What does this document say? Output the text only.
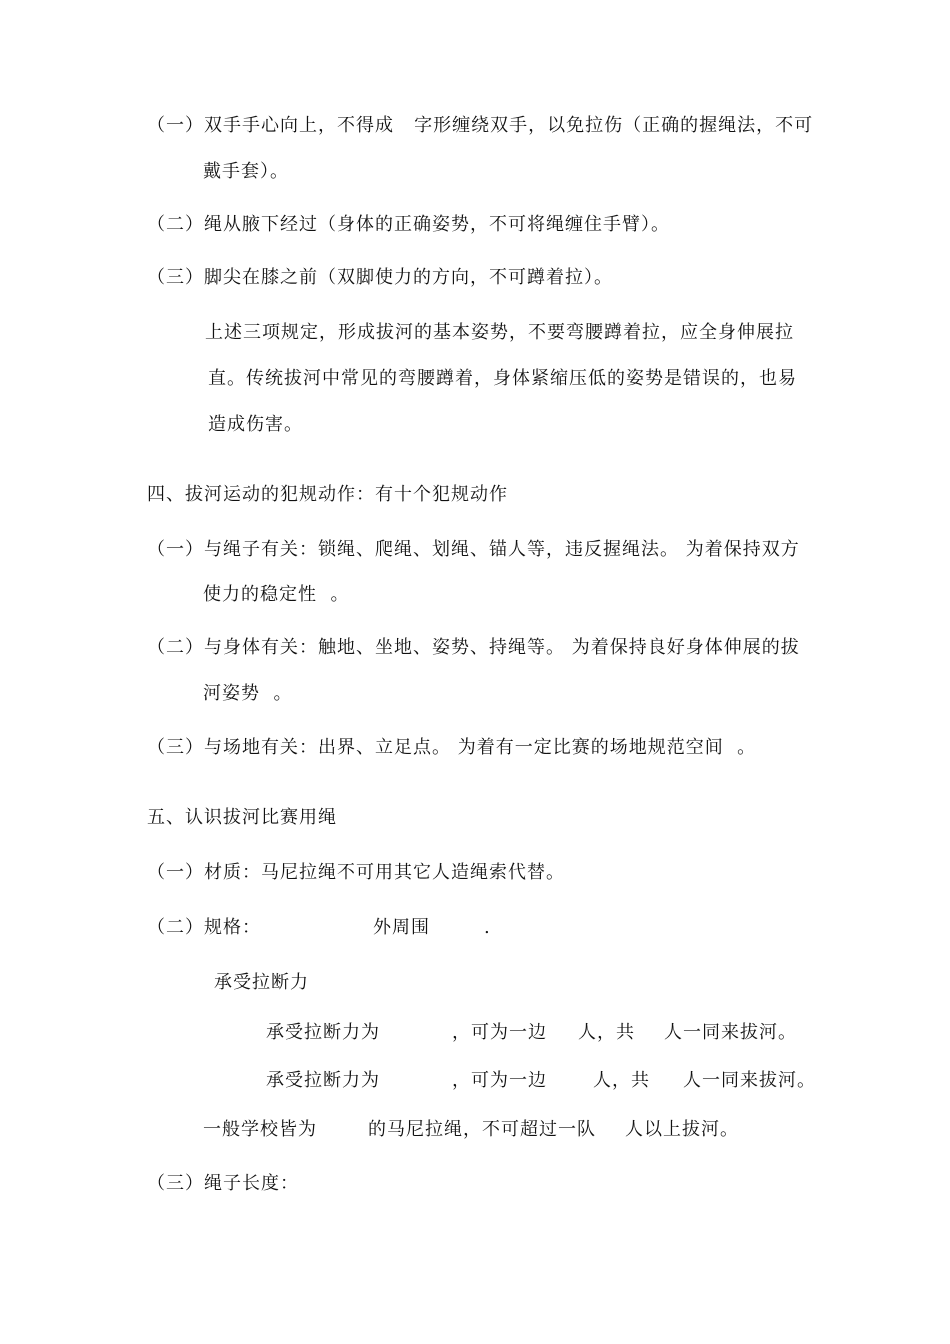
（一）双手手心向上，不得成   字形缠绕双手，以免拉伤（正确的握绳法，不可
戴手套）。
（二）绳从腋下经过（身体的正确姿势，不可将绳缠住手臂）。
（三）脚尖在膝之前（双脚使力的方向，不可蹲着拉）。
上述三项规定，形成拔河的基本姿势，不要弯腰蹲着拉，应全身伸展拉
直。传统拔河中常见的弯腰蹲着，身体紧缩压低的姿势是错误的，也易
造成伤害。
四、拔河运动的犯规动作：有十个犯规动作
（一）与绳子有关：锁绳、爬绳、划绳、锚人等，违反握绳法。 为着保持双方
使力的稳定性  。
（二）与身体有关：触地、坐地、姿势、持绳等。 为着保持良好身体伸展的拔
河姿势  。
（三）与场地有关：出界、立足点。 为着有一定比赛的场地规范空间  。
五、认识拔河比赛用绳
（一）材质：马尼拉绳不可用其它人造绳索代替。
（二）规格：	外周围	.
承受拉断力
承受拉断力为	，可为一边 人，共 人一同来拔河。
承受拉断力为	，可为一边	人，共 人一同来拔河。
一般学校皆为	的马尼拉绳，不可超过一队 人以上拔河。
（三）绳子长度：
